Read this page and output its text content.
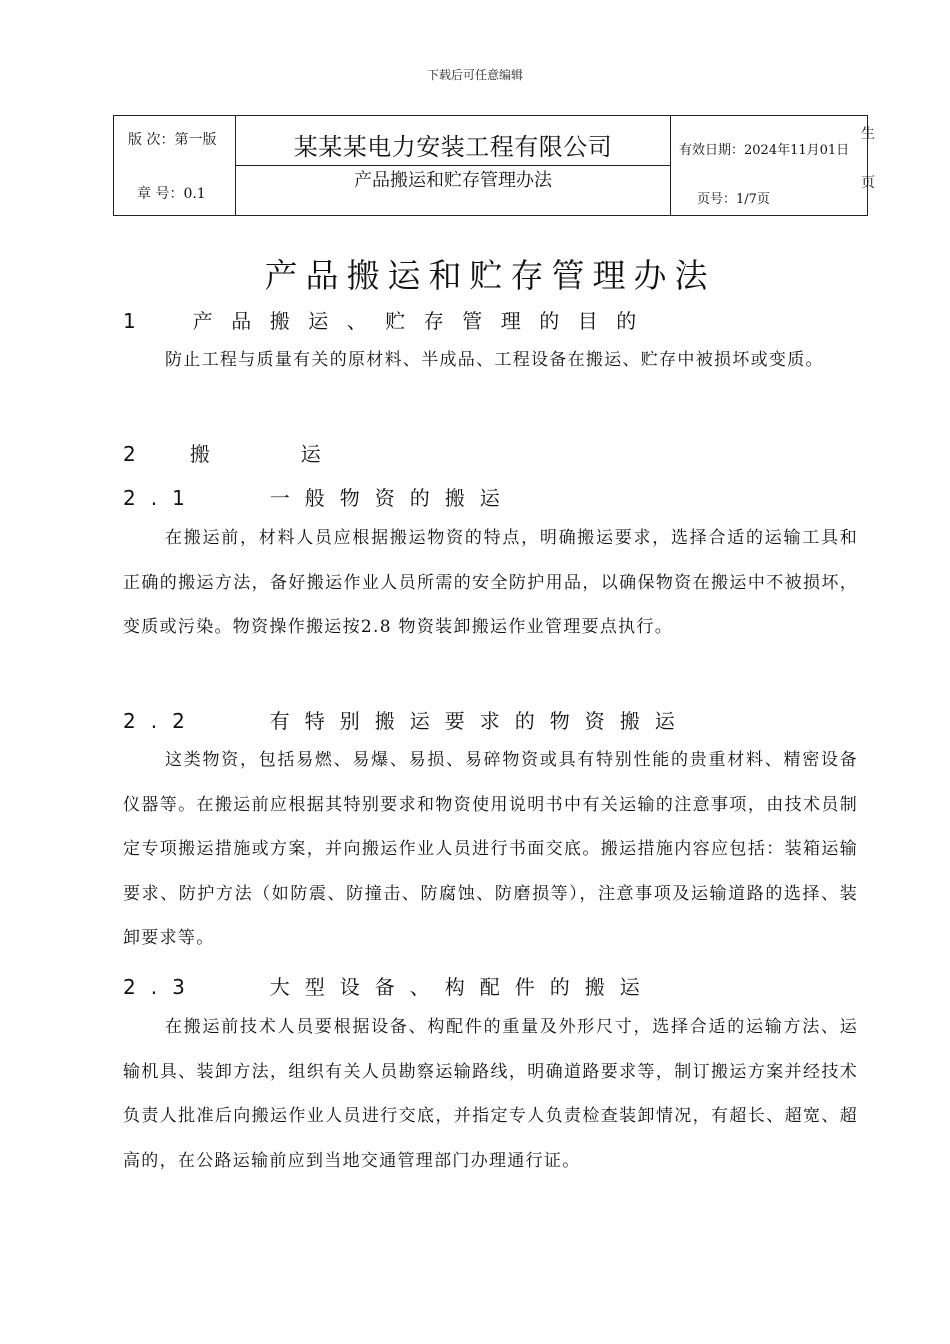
下载后可任意编辑
版 次：第一版
章 号：0.1
某某某电力安装工程有限公司
产品搬运和贮存管理办法
有效日期：2024年11月01日
页号：1/7页
生
页
产品搬运和贮存管理办法
1　产品搬运、贮存管理的目的
防止工程与质量有关的原材料、半成品、工程设备在搬运、贮存中被损坏或变质。
2　搬　　运
2.1　　一般物资的搬运
在搬运前，材料人员应根据搬运物资的特点，明确搬运要求，选择合适的运输工具和正确的搬运方法，备好搬运作业人员所需的安全防护用品，以确保物资在搬运中不被损坏，变质或污染。物资操作搬运按2.8 物资装卸搬运作业管理要点执行。
2.2　　有特别搬运要求的物资搬运
这类物资，包括易燃、易爆、易损、易碎物资或具有特别性能的贵重材料、精密设备仪器等。在搬运前应根据其特别要求和物资使用说明书中有关运输的注意事项，由技术员制定专项搬运措施或方案，并向搬运作业人员进行书面交底。搬运措施内容应包括：装箱运输要求、防护方法（如防震、防撞击、防腐蚀、防磨损等），注意事项及运输道路的选择、装卸要求等。
2.3　　大型设备、构配件的搬运
在搬运前技术人员要根据设备、构配件的重量及外形尺寸，选择合适的运输方法、运输机具、装卸方法，组织有关人员勘察运输路线，明确道路要求等，制订搬运方案并经技术负责人批准后向搬运作业人员进行交底，并指定专人负责检查装卸情况，有超长、超宽、超高的，在公路运输前应到当地交通管理部门办理通行证。
